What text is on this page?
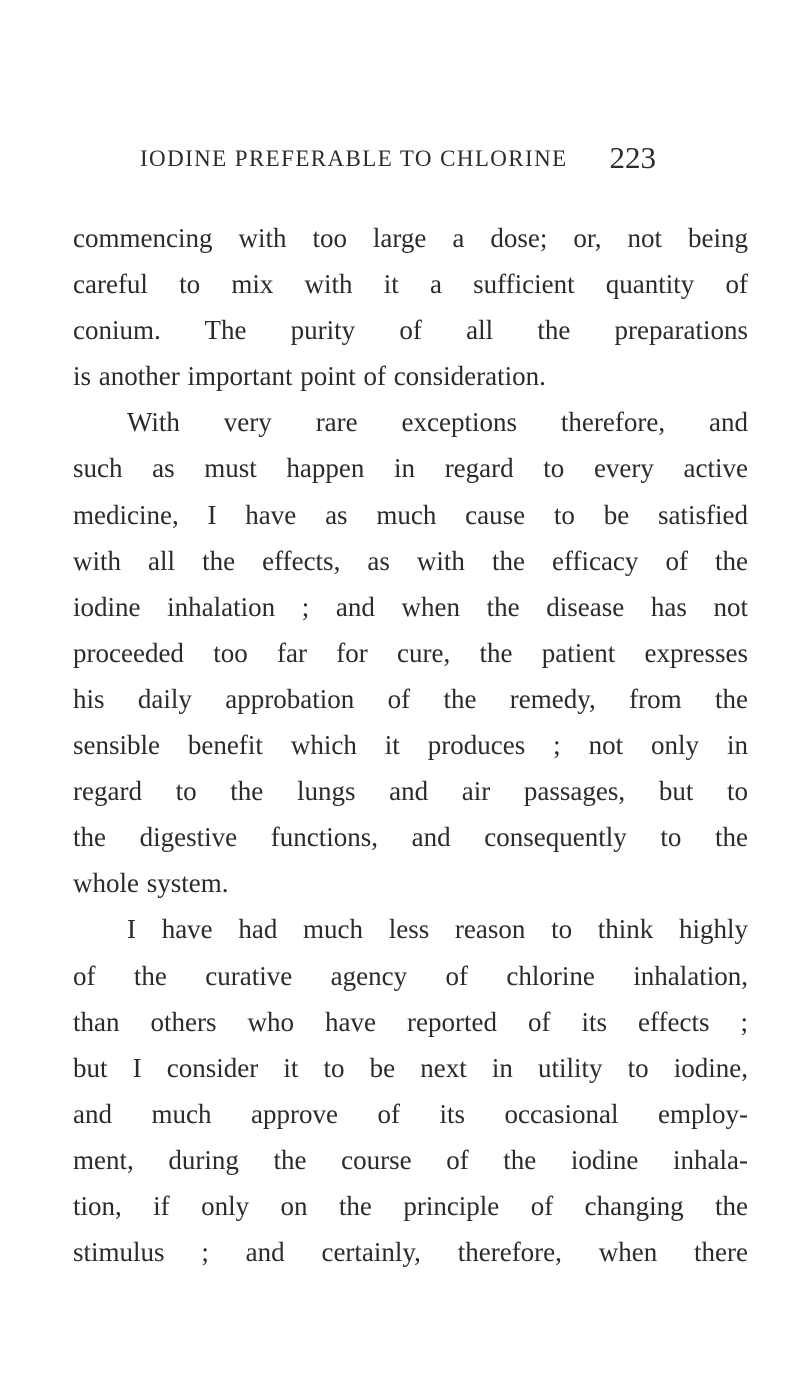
IODINE PREFERABLE TO CHLORINE 223
commencing with too large a dose; or, not being
careful to mix with it a sufficient quantity of
conium. The purity of all the preparations
is another important point of consideration.
With very rare exceptions therefore, and
such as must happen in regard to every active
medicine, I have as much cause to be satisfied
with all the effects, as with the efficacy of the
iodine inhalation ; and when the disease has not
proceeded too far for cure, the patient expresses
his daily approbation of the remedy, from the
sensible benefit which it produces ; not only in
regard to the lungs and air passages, but to
the digestive functions, and consequently to the
whole system.
I have had much less reason to think highly
of the curative agency of chlorine inhalation,
than others who have reported of its effects ;
but I consider it to be next in utility to iodine,
and much approve of its occasional employ-
ment, during the course of the iodine inhala-
tion, if only on the principle of changing the
stimulus ; and certainly, therefore, when there
